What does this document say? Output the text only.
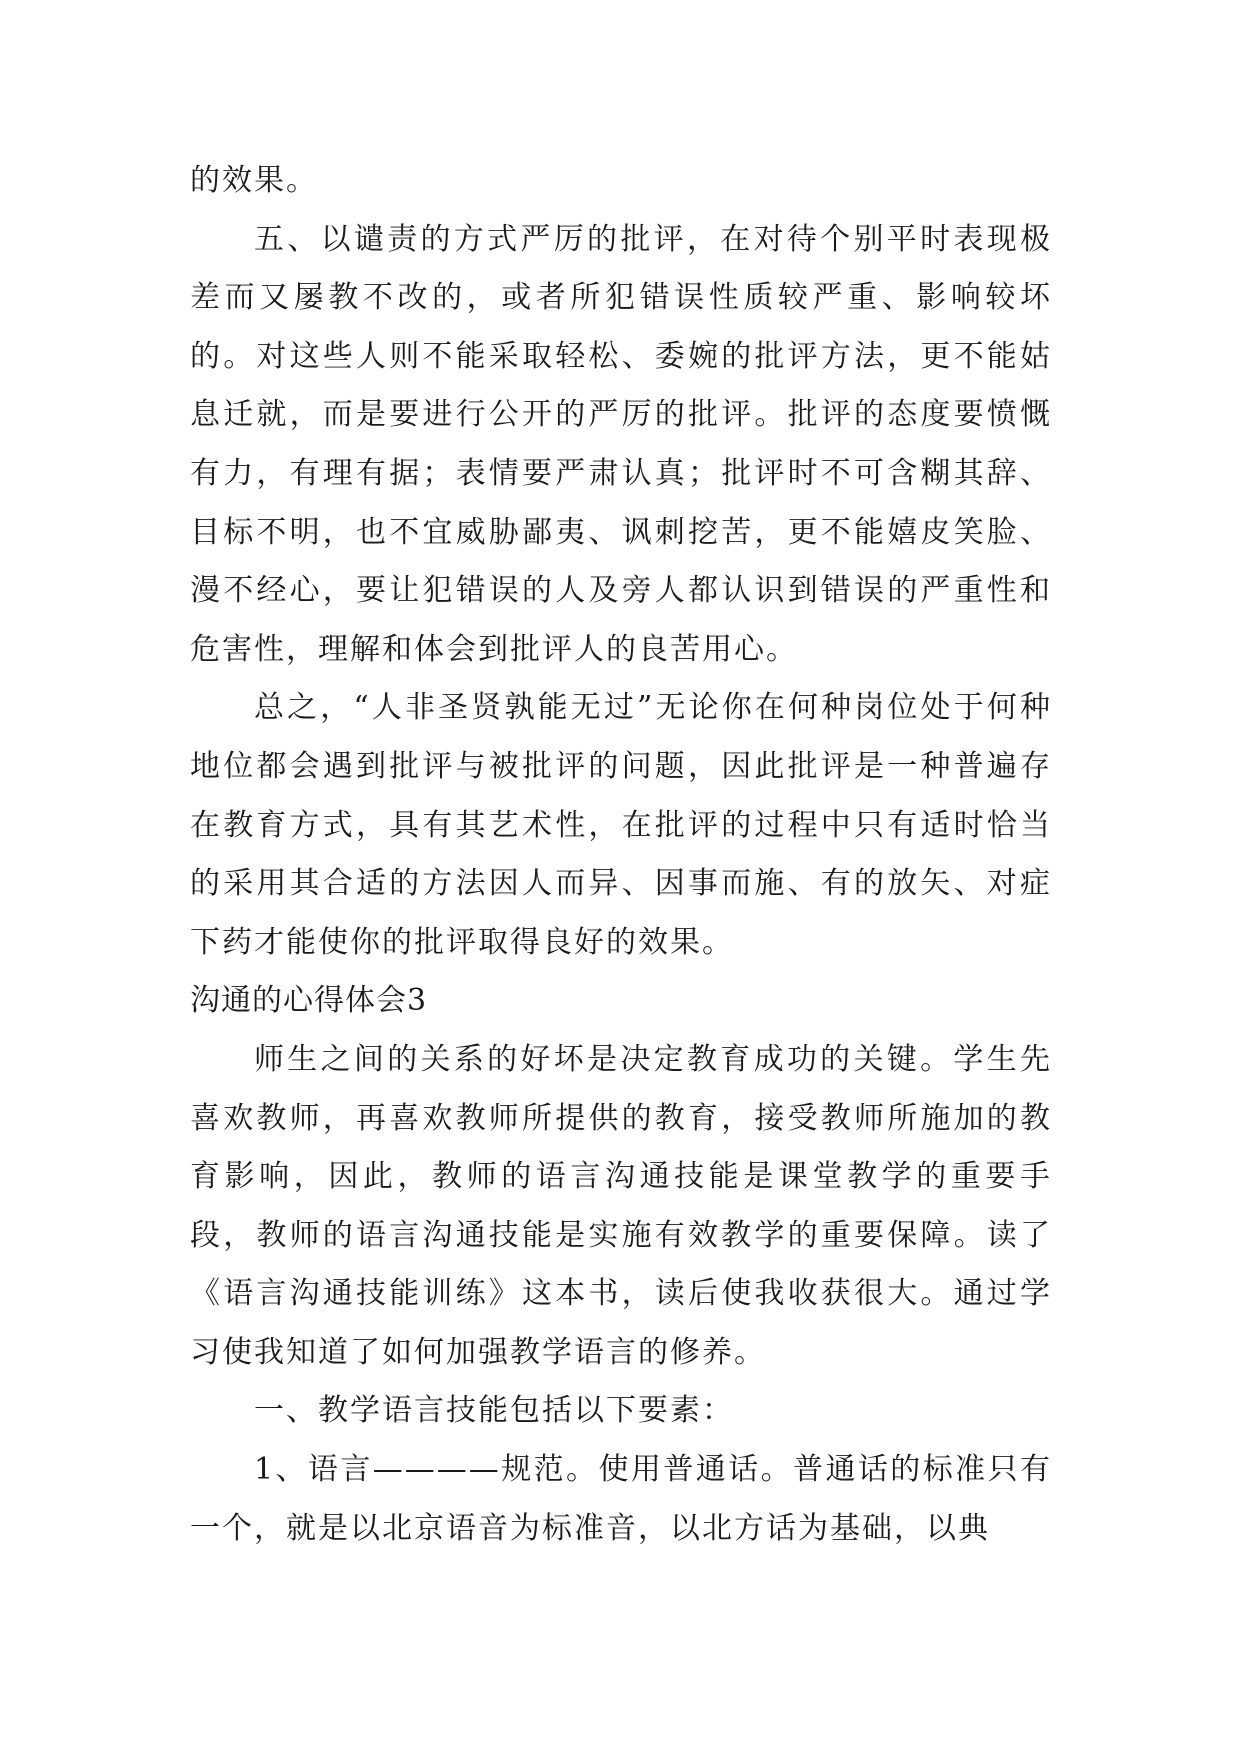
的效果。

五、以谴责的方式严厉的批评，在对待个别平时表现极差而又屡教不改的，或者所犯错误性质较严重、影响较坏的。对这些人则不能采取轻松、委婉的批评方法，更不能姑息迁就，而是要进行公开的严厉的批评。批评的态度要愤慨有力，有理有据；表情要严肃认真；批评时不可含糊其辞、目标不明，也不宜威胁鄙夷、讽刺挖苦，更不能嬉皮笑脸、漫不经心，要让犯错误的人及旁人都认识到错误的严重性和危害性，理解和体会到批评人的良苦用心。

总之，“人非圣贤孰能无过”无论你在何种岗位处于何种地位都会遇到批评与被批评的问题，因此批评是一种普遍存在教育方式，具有其艺术性，在批评的过程中只有适时恰当的采用其合适的方法因人而异、因事而施、有的放矢、对症下药才能使你的批评取得良好的效果。

沟通的心得体会3

师生之间的关系的好坏是决定教育成功的关键。学生先喜欢教师，再喜欢教师所提供的教育，接受教师所施加的教育影响，因此，教师的语言沟通技能是课堂教学的重要手段，教师的语言沟通技能是实施有效教学的重要保障。读了《语言沟通技能训练》这本书，读后使我收获很大。通过学习使我知道了如何加强教学语言的修养。

一、教学语言技能包括以下要素：

1、语言————规范。使用普通话。普通话的标准只有一个，就是以北京语音为标准音，以北方话为基础，以典
